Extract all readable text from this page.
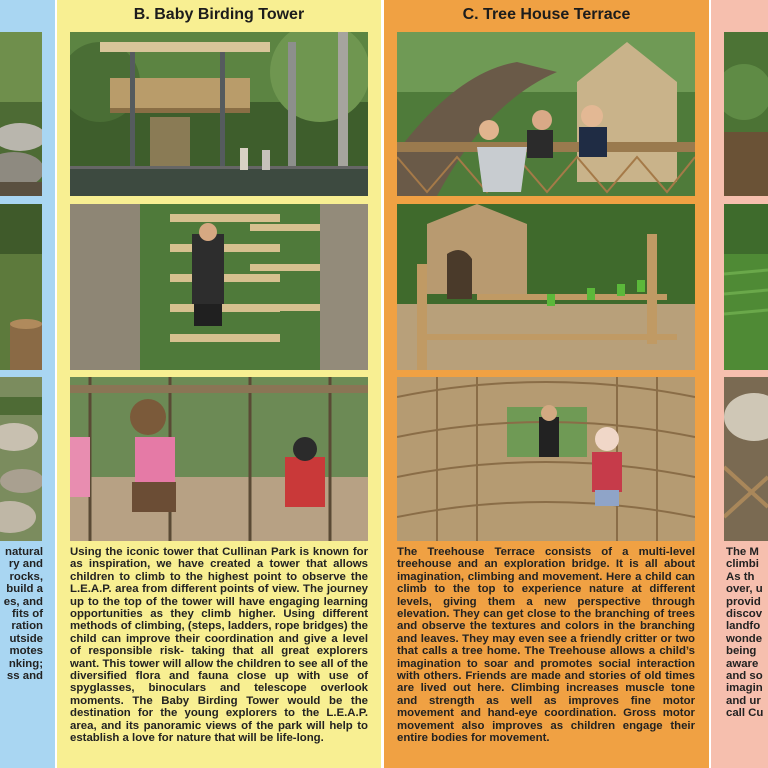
natural
ry and
rocks,
build a
es, and
fits of
ration
utside
motes
nking;
ss and
B. Baby Birding Tower
Using the iconic tower that Cullinan Park is known for as inspiration, we have created a tower that allows children to climb to the highest point to observe the L.E.A.P. area from different points of view. The journey up to the top of the tower will have engaging learning opportunities as they climb higher. Using different methods of climbing, (steps, ladders, rope bridges) the child can improve their coordination and give a level of responsible risk- taking that all great explorers want. This tower will allow the children to see all of the diversified flora and fauna close up with use of spyglasses, binoculars and telescope overlook moments. The Baby Birding Tower would be the destination for the young explorers to the L.E.A.P. area, and its panoramic views of the park will help to establish a love for nature that will be life-long.
C. Tree House Terrace
The Treehouse Terrace consists of a multi-level treehouse and an exploration bridge. It is all about imagination, climbing and movement. Here a child can climb to the top to experience nature at different levels, giving them a new perspective through elevation. They can get close to the branching of trees and observe the textures and colors in the branching and leaves. They may even see a friendly critter or two that calls a tree home. The Treehouse allows a child’s imagination to soar and promotes social interaction with others. Friends are made and stories of old times are lived out here. Climbing increases muscle tone and strength as well as improves fine motor movement and hand-eye coordination. Gross motor movement also improves as children engage their entire bodies for movement.
The M
climbi
As th
over, u
provid
discov
landfo
wonde
being
aware
and so
imagin
and ur
call Cu
